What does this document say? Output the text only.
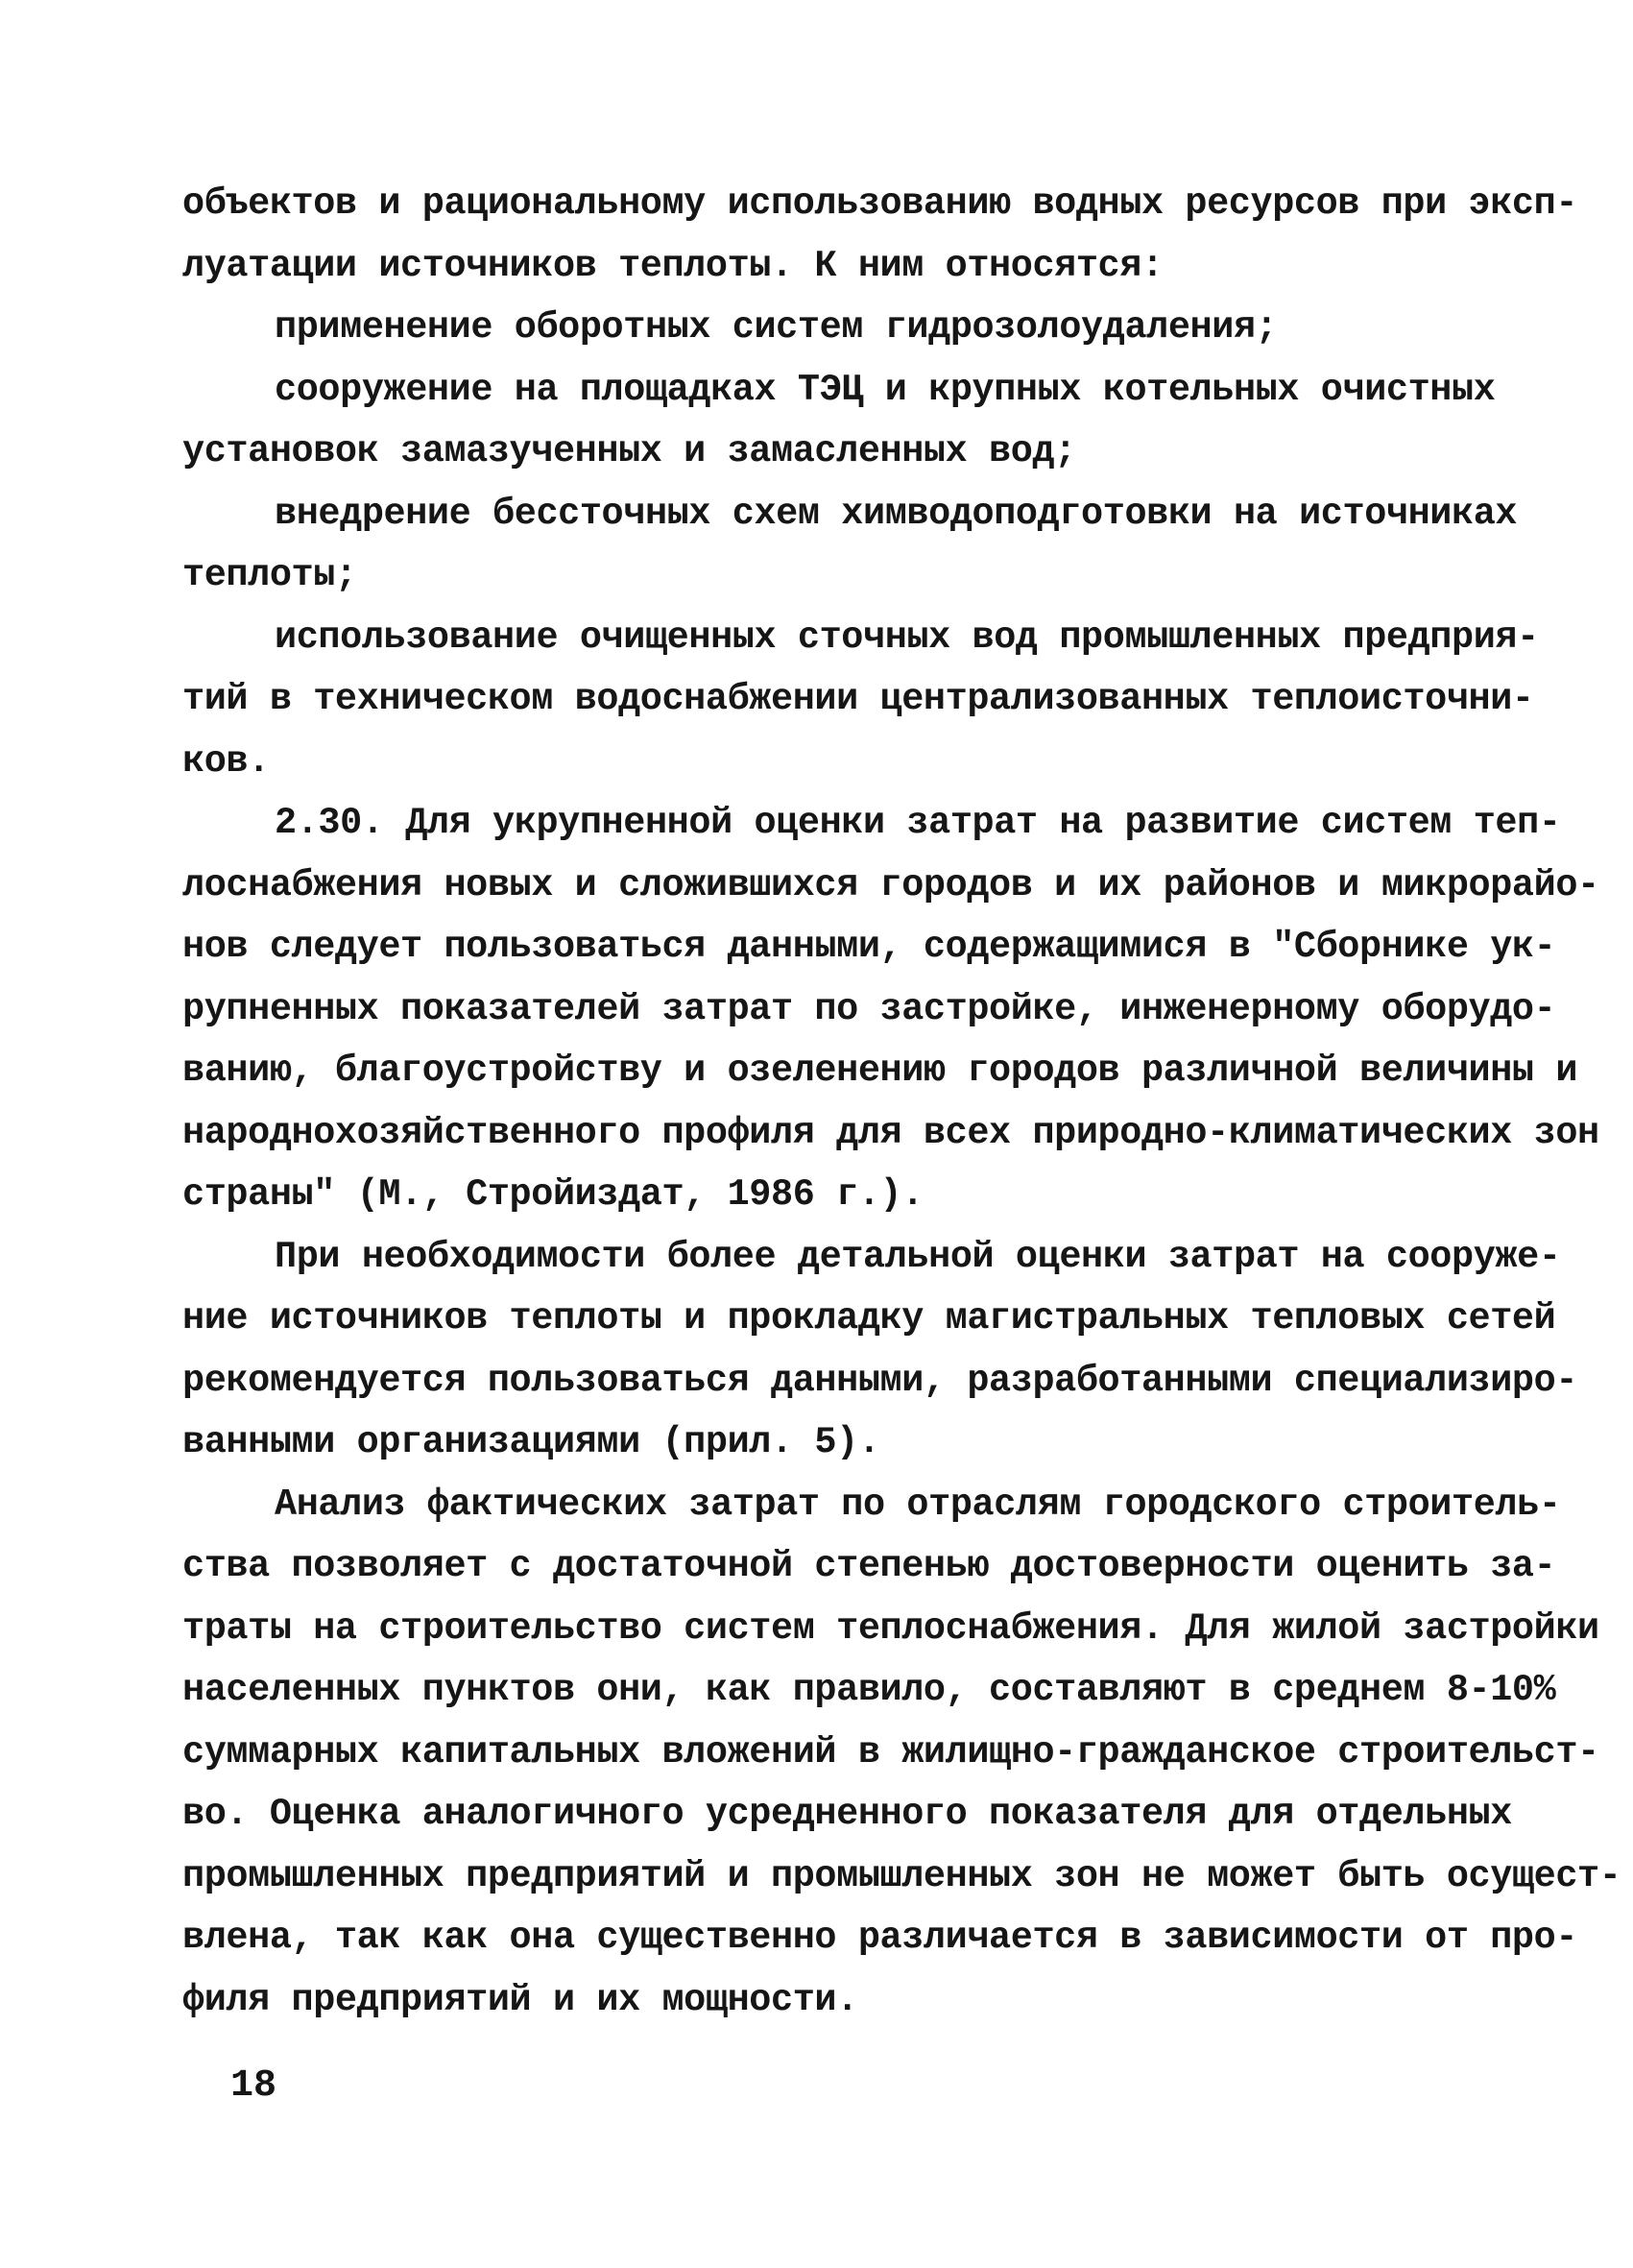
объектов и рациональному использованию водных ресурсов при эксп-
луатации источников теплоты. К ним относятся:
применение оборотных систем гидрозолоудаления;
сооружение на площадках ТЭЦ и крупных котельных очистных
установок замазученных и замасленных вод;
внедрение бессточных схем химводоподготовки на источниках
теплоты;
использование очищенных сточных вод промышленных предприя-
тий в техническом водоснабжении централизованных теплоисточни-
ков.
2.30. Для укрупненной оценки затрат на развитие систем теп-
лоснабжения новых и сложившихся городов и их районов и микрорайо-
нов следует пользоваться данными, содержащимися в "Сборнике ук-
рупненных показателей затрат по застройке, инженерному оборудо-
ванию, благоустройству и озеленению городов различной величины и
народнохозяйственного профиля для всех природно-климатических зон
страны" (М., Стройиздат, 1986 г.).
При необходимости более детальной оценки затрат на сооруже-
ние источников теплоты и прокладку магистральных тепловых сетей
рекомендуется пользоваться данными, разработанными специализиро-
ванными организациями (прил. 5).
Анализ фактических затрат по отраслям городского строитель-
ства позволяет с достаточной степенью достоверности оценить за-
траты на строительство систем теплоснабжения. Для жилой застройки
населенных пунктов они, как правило, составляют в среднем 8-10%
суммарных капитальных вложений в жилищно-гражданское строительст-
во. Оценка аналогичного усредненного показателя для отдельных
промышленных предприятий и промышленных зон не может быть осущест-
влена, так как она существенно различается в зависимости от про-
филя предприятий и их мощности.
18
